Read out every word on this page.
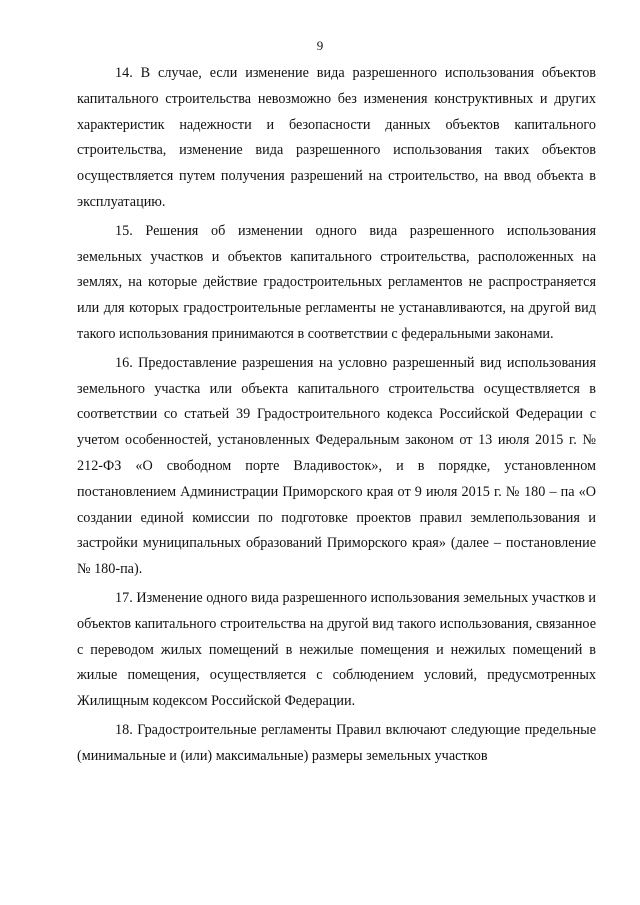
9

14. В случае, если изменение вида разрешенного использования объектов капитального строительства невозможно без изменения конструктивных и других характеристик надежности и безопасности данных объектов капитального строительства, изменение вида разрешенного использования таких объектов осуществляется путем получения разрешений на строительство, на ввод объекта в эксплуатацию.

15. Решения об изменении одного вида разрешенного использования земельных участков и объектов капитального строительства, расположенных на землях, на которые действие градостроительных регламентов не распространяется или для которых градостроительные регламенты не устанавливаются, на другой вид такого использования принимаются в соответствии с федеральными законами.

16. Предоставление разрешения на условно разрешенный вид использования земельного участка или объекта капитального строительства осуществляется в соответствии со статьей 39 Градостроительного кодекса Российской Федерации с учетом особенностей, установленных Федеральным законом от 13 июля 2015 г. № 212-ФЗ «О свободном порте Владивосток», и в порядке, установленном постановлением Администрации Приморского края от 9 июля 2015 г. № 180 – па «О создании единой комиссии по подготовке проектов правил землепользования и застройки муниципальных образований Приморского края» (далее – постановление № 180-па).

17. Изменение одного вида разрешенного использования земельных участков и объектов капитального строительства на другой вид такого использования, связанное с переводом жилых помещений в нежилые помещения и нежилых помещений в жилые помещения, осуществляется с соблюдением условий, предусмотренных Жилищным кодексом Российской Федерации.

18. Градостроительные регламенты Правил включают следующие предельные (минимальные и (или) максимальные) размеры земельных участков
